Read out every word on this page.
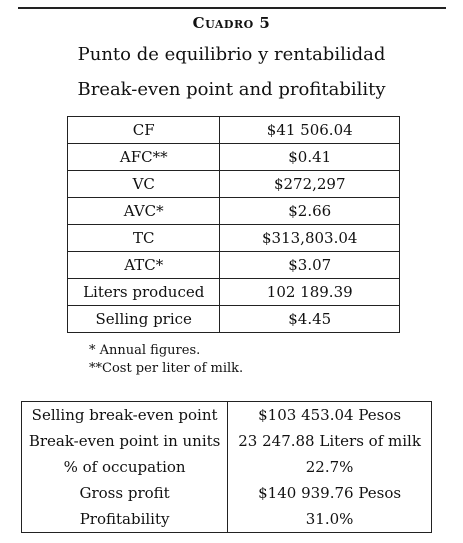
Cuadro 5
Punto de equilibrio y rentabilidad
Break-even point and profitability
CF	$41 506.04
AFC**	$0.41
VC	$272,297
AVC*	$2.66
TC	$313,803.04
ATC*	$3.07
Liters produced	102 189.39
Selling price	$4.45
* Annual figures.
**Cost per liter of milk.
Selling break-even point	$103 453.04 Pesos
Break-even point in units	23 247.88 Liters of milk
% of occupation	22.7%
Gross profit	$140 939.76 Pesos
Profitability	31.0%
